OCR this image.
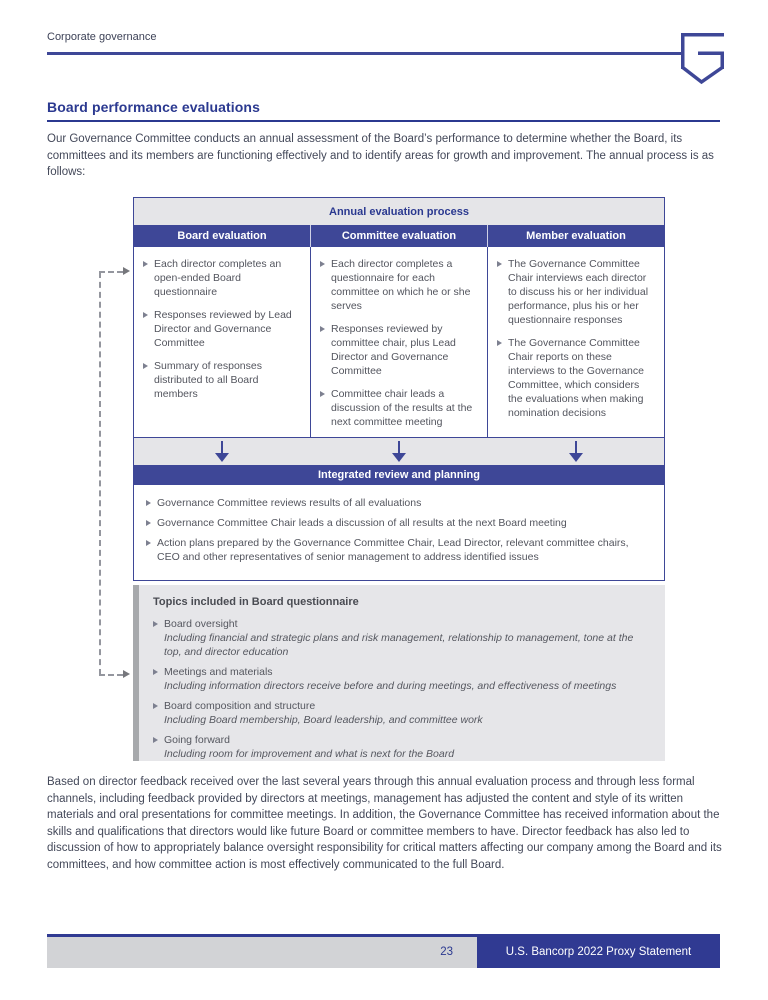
Corporate governance
Board performance evaluations
Our Governance Committee conducts an annual assessment of the Board’s performance to determine whether the Board, its committees and its members are functioning effectively and to identify areas for growth and improvement. The annual process is as follows:
Annual evaluation process
Board evaluation	Committee evaluation	Member evaluation
Each director completes an open-ended Board questionnaire
Responses reviewed by Lead Director and Governance Committee
Summary of responses distributed to all Board members
Each director completes a questionnaire for each committee on which he or she serves
Responses reviewed by committee chair, plus Lead Director and Governance Committee
Committee chair leads a discussion of the results at the next committee meeting
The Governance Committee Chair interviews each director to discuss his or her individual performance, plus his or her questionnaire responses
The Governance Committee Chair reports on these interviews to the Governance Committee, which considers the evaluations when making nomination decisions
Integrated review and planning
Governance Committee reviews results of all evaluations
Governance Committee Chair leads a discussion of all results at the next Board meeting
Action plans prepared by the Governance Committee Chair, Lead Director, relevant committee chairs, CEO and other representatives of senior management to address identified issues
Topics included in Board questionnaire
Board oversight
Including financial and strategic plans and risk management, relationship to management, tone at the top, and director education
Meetings and materials
Including information directors receive before and during meetings, and effectiveness of meetings
Board composition and structure
Including Board membership, Board leadership, and committee work
Going forward
Including room for improvement and what is next for the Board
Based on director feedback received over the last several years through this annual evaluation process and through less formal channels, including feedback provided by directors at meetings, management has adjusted the content and style of its written materials and oral presentations for committee meetings. In addition, the Governance Committee has received information about the skills and qualifications that directors would like future Board or committee members to have. Director feedback has also led to discussion of how to appropriately balance oversight responsibility for critical matters affecting our company among the Board and its committees, and how committee action is most effectively communicated to the full Board.
23	U.S. Bancorp 2022 Proxy Statement
